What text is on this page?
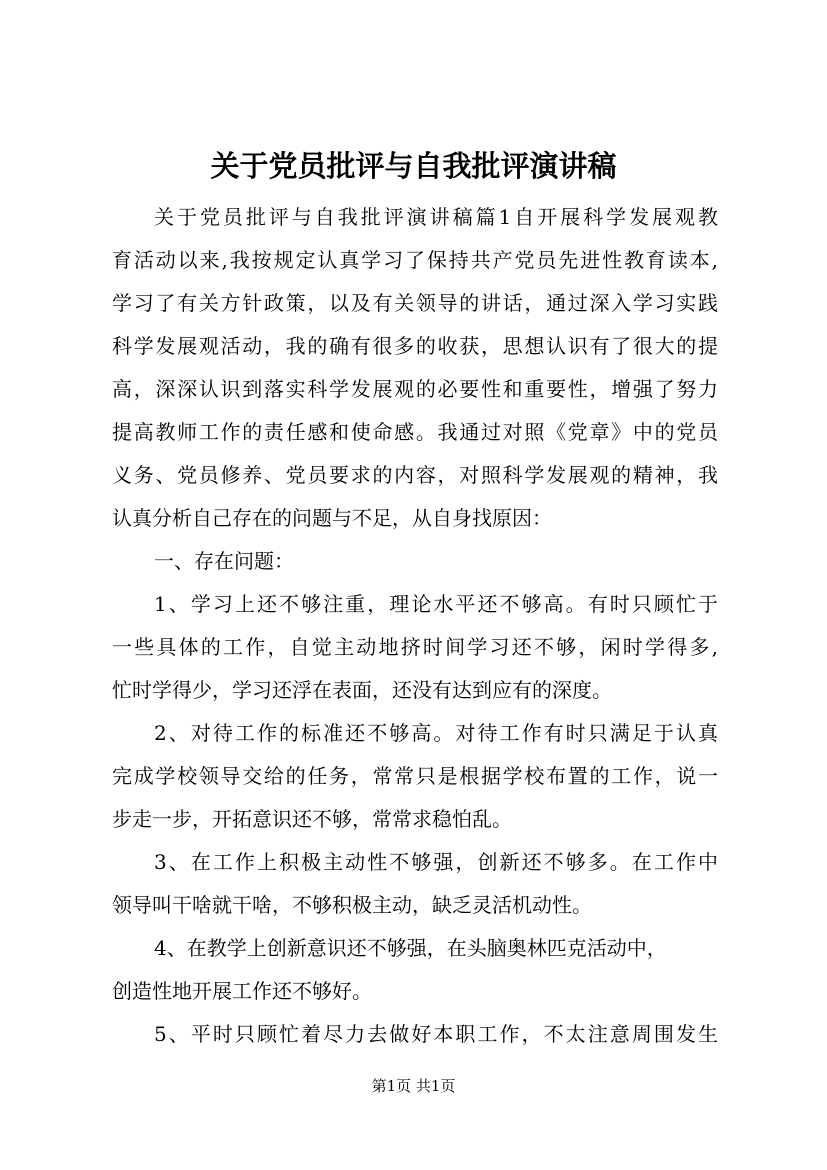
关于党员批评与自我批评演讲稿
关于党员批评与自我批评演讲稿篇1自开展科学发展观教
育活动以来,我按规定认真学习了保持共产党员先进性教育读本,
学习了有关方针政策，以及有关领导的讲话，通过深入学习实践
科学发展观活动，我的确有很多的收获，思想认识有了很大的提
高，深深认识到落实科学发展观的必要性和重要性，增强了努力
提高教师工作的责任感和使命感。我通过对照《党章》中的党员
义务、党员修养、党员要求的内容，对照科学发展观的精神，我
认真分析自己存在的问题与不足，从自身找原因：
一、存在问题：
1、学习上还不够注重，理论水平还不够高。有时只顾忙于
一些具体的工作，自觉主动地挤时间学习还不够，闲时学得多,
忙时学得少，学习还浮在表面，还没有达到应有的深度。
2、对待工作的标准还不够高。对待工作有时只满足于认真
完成学校领导交给的任务，常常只是根据学校布置的工作，说一
步走一步，开拓意识还不够，常常求稳怕乱。
3、在工作上积极主动性不够强，创新还不够多。在工作中
领导叫干啥就干啥，不够积极主动，缺乏灵活机动性。
4、在教学上创新意识还不够强，在头脑奥林匹克活动中，
创造性地开展工作还不够好。
5、平时只顾忙着尽力去做好本职工作，不太注意周围发生
第1页 共1页
